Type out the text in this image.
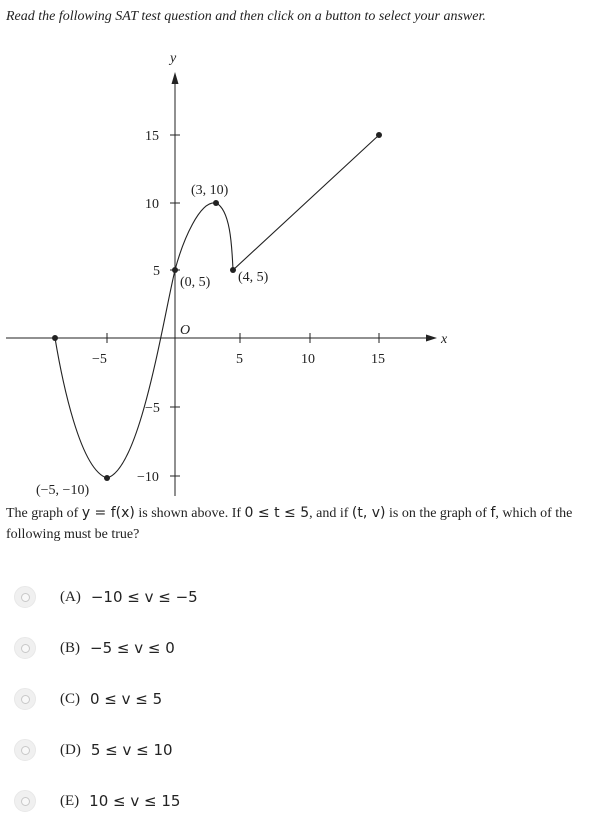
Read the following SAT test question and then click on a button to select your answer.
−5	5	10	15
15
10
5
−5
−10
y
x
O
(3, 10)
(0, 5) (4, 5)
(−5, −10)
The graph of y = f(x) is shown above. If 0 ≤ t ≤ 5, and if (t, v) is on the graph of f, which of the following must be true?
(A) −10 ≤ v ≤ −5
(B) −5 ≤ v ≤ 0
(C) 0 ≤ v ≤ 5
(D) 5 ≤ v ≤ 10
(E) 10 ≤ v ≤ 15
